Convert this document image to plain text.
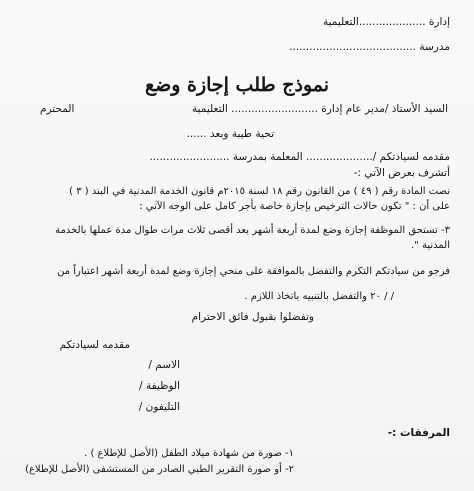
إدارة ....................التعليمية
مدرسة ......................................
نموذج طلب إجازة وضع
السيد الأستاذ /مدير عام إدارة .......................... التعليمية
المحترم
تحية طيبة وبعد ......
مقدمه لسيادتكم /.................... المعلمة بمدرسة ........................
أتشرف بعرض الآتي :-
نصت المادة رقم ( ٤٩ ) من القانون رقم ١٨ لسنة ٢٠١٥م قانون الخدمة المدنية في البند ( ٣ )
على أن : " تكون حالات الترخيص بإجازة خاصة بأجر كامل على الوجه الآتي :
٣- تستحق الموظفة إجازة وضع لمدة أربعة أشهر بعد أقصى ثلاث مرات طوال مدة عملها بالخدمة
المدنية ".
فرجو من سيادتكم التكرم والتفضل بالموافقة على منحي إجازة وضع لمدة أربعة أشهر اعتباراً من
/ / ٢٠ والتفضل بالتنبيه باتخاذ اللازم .
وتفضلوا بقبول فائق الاحترام
مقدمه لسيادتكم
الاسم /
الوظيفة /
التليفون /
المرفقات :-
١- صورة من شهادة ميلاد الطفل (الأصل للإطلاع ) .
٢- أو صورة التقرير الطبي الصادر من المستشفى (الأصل للإطلاع)
